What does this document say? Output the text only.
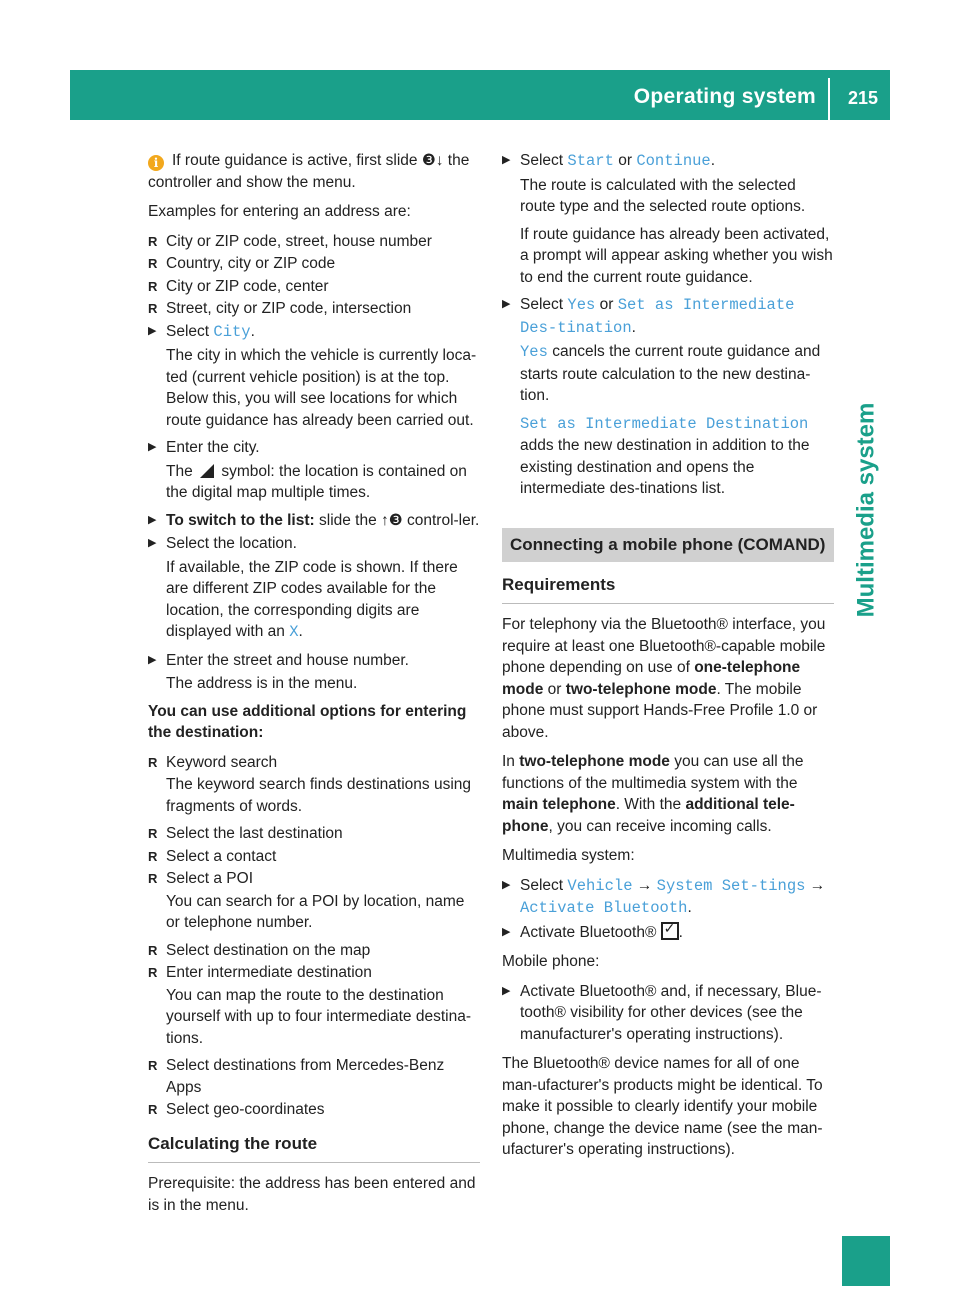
Operating system 215
Multimedia system

i If route guidance is active, first slide ❸↓ the controller and show the menu.

Examples for entering an address are:

R City or ZIP code, street, house number
R Country, city or ZIP code
R City or ZIP code, center
R Street, city or ZIP code, intersection
▶ Select City.
The city in which the vehicle is currently loca-ted (current vehicle position) is at the top. Below this, you will see locations for which route guidance has already been carried out.
▶ Enter the city.
The  symbol: the location is contained on the digital map multiple times.
▶ To switch to the list: slide the ↑❸ control-ler.
▶ Select the location.
If available, the ZIP code is shown. If there are different ZIP codes available for the location, the corresponding digits are displayed with an X.
▶ Enter the street and house number.
The address is in the menu.

You can use additional options for entering the destination:

R Keyword search
The keyword search finds destinations using fragments of words.
R Select the last destination
R Select a contact
R Select a POI
You can search for a POI by location, name or telephone number.
R Select destination on the map
R Enter intermediate destination
You can map the route to the destination yourself with up to four intermediate destina-tions.
R Select destinations from Mercedes-Benz Apps
R Select geo-coordinates
Calculating the route

Prerequisite: the address has been entered and is in the menu.

▶ Select Start or Continue.
The route is calculated with the selected route type and the selected route options.
If route guidance has already been activated, a prompt will appear asking whether you wish to end the current route guidance.
▶ Select Yes or Set as Intermediate Des-tination.
Yes cancels the current route guidance and starts route calculation to the new destina-tion.
Set as Intermediate Destination adds the new destination in addition to the existing destination and opens the intermediate des-tinations list.
Connecting a mobile phone (COMAND)
Requirements

For telephony via the Bluetooth® interface, you require at least one Bluetooth®-capable mobile phone depending on use of one-telephone mode or two-telephone mode. The mobile phone must support Hands-Free Profile 1.0 or above.

In two-telephone mode you can use all the functions of the multimedia system with the main telephone. With the additional tele-phone, you can receive incoming calls.

Multimedia system:

▶ Select Vehicle → System Set-tings → Activate Bluetooth.
▶ Activate Bluetooth® ✓.

Mobile phone:

▶ Activate Bluetooth® and, if necessary, Blue-tooth® visibility for other devices (see the manufacturer's operating instructions).

The Bluetooth® device names for all of one man-ufacturer's products might be identical. To make it possible to clearly identify your mobile phone, change the device name (see the man-ufacturer's operating instructions).
